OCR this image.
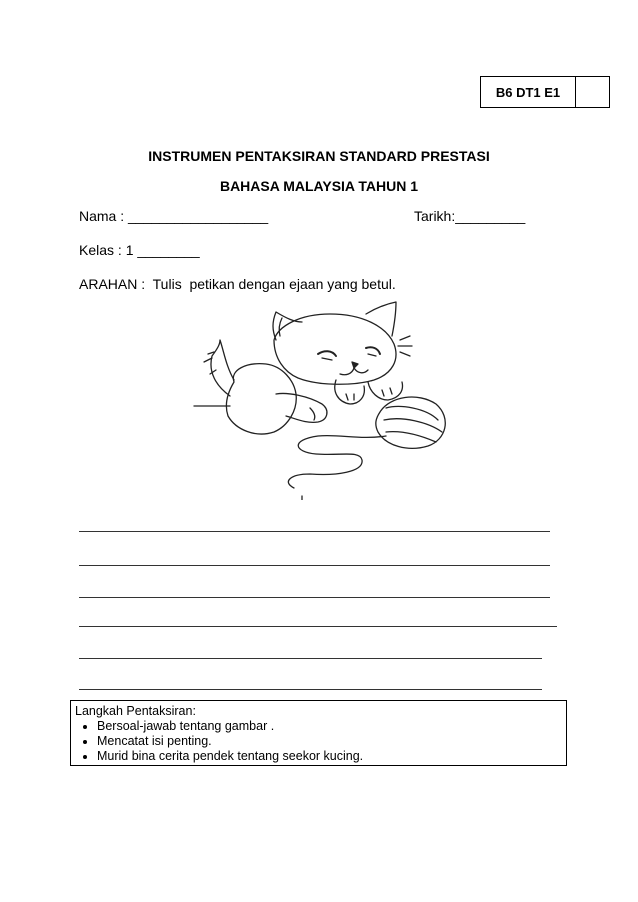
B6 DT1 E1
INSTRUMEN PENTAKSIRAN STANDARD PRESTASI
BAHASA MALAYSIA TAHUN 1
Nama : __________________	Tarikh:_________
Kelas : 1 ________
ARAHAN :  Tulis  petikan dengan ejaan yang betul.
Langkah Pentaksiran:
• Bersoal-jawab tentang gambar .
• Mencatat isi penting.
• Murid bina cerita pendek tentang seekor kucing.
